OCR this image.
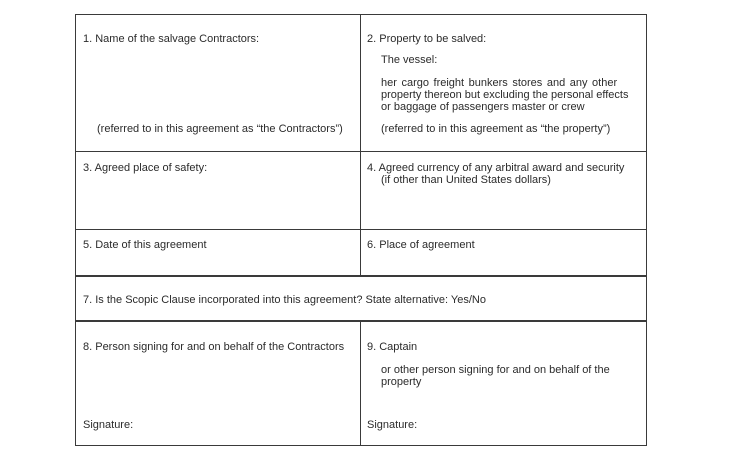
1. Name of the salvage Contractors:
(referred to in this agreement as “the Contractors”)
2. Property to be salved:
The vessel:
her cargo freight bunkers stores and any other
property thereon but excluding the personal effects
or baggage of passengers master or crew
(referred to in this agreement as “the property”)
3. Agreed place of safety:	4. Agreed currency of any arbitral award and security
(if other than United States dollars)
5. Date of this agreement	6. Place of agreement
7. Is the Scopic Clause incorporated into this agreement? State alternative: Yes/No
8. Person signing for and on behalf of the Contractors
Signature:
9. Captain
or other person signing for and on behalf of the
property
Signature:
